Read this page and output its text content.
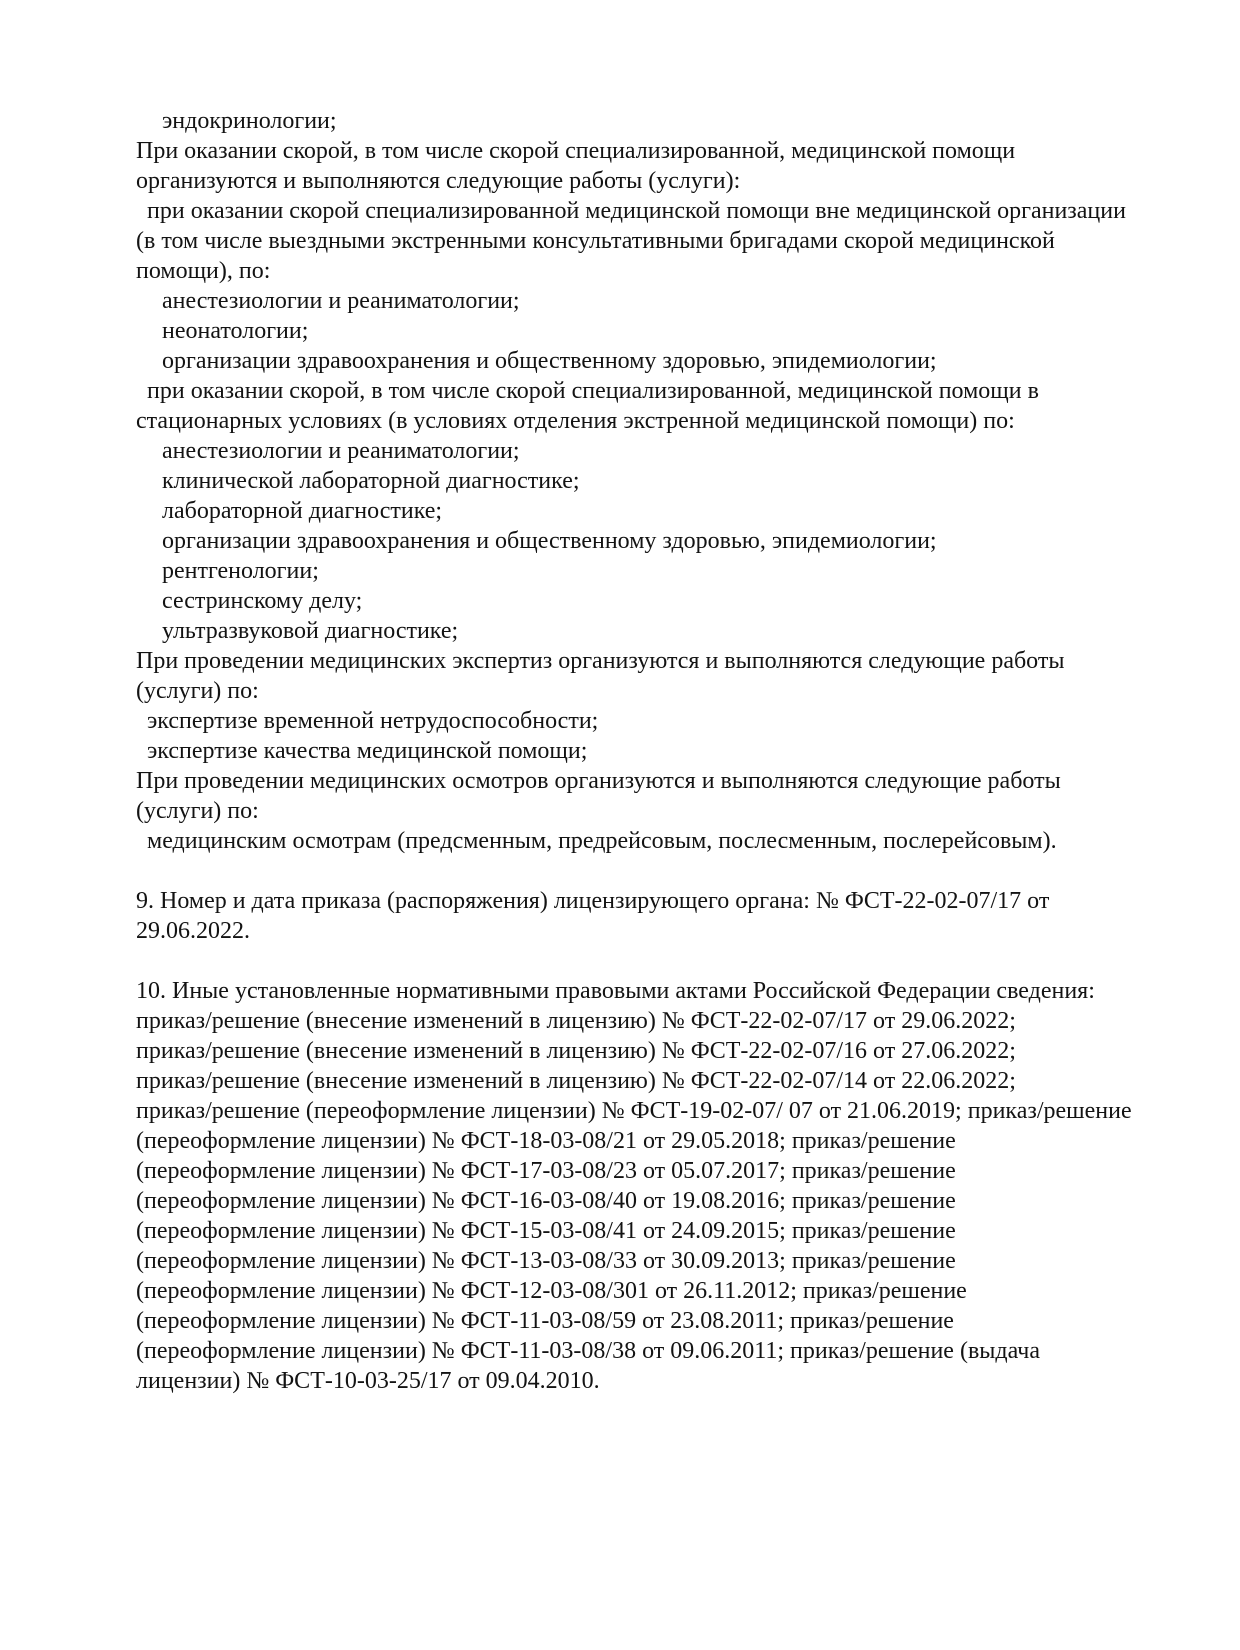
эндокринологии;
При оказании скорой, в том числе скорой специализированной, медицинской помощи
организуются и выполняются следующие работы (услуги):
при оказании скорой специализированной медицинской помощи вне медицинской организации
(в том числе выездными экстренными консультативными бригадами скорой медицинской
помощи), по:
анестезиологии и реаниматологии;
неонатологии;
организации здравоохранения и общественному здоровью, эпидемиологии;
при оказании скорой, в том числе скорой специализированной, медицинской помощи в
стационарных условиях (в условиях отделения экстренной медицинской помощи) по:
анестезиологии и реаниматологии;
клинической лабораторной диагностике;
лабораторной диагностике;
организации здравоохранения и общественному здоровью, эпидемиологии;
рентгенологии;
сестринскому делу;
ультразвуковой диагностике;
При проведении медицинских экспертиз организуются и выполняются следующие работы
(услуги) по:
экспертизе временной нетрудоспособности;
экспертизе качества медицинской помощи;
При проведении медицинских осмотров организуются и выполняются следующие работы
(услуги) по:
медицинским осмотрам (предсменным, предрейсовым, послесменным, послерейсовым).

9. Номер и дата приказа (распоряжения) лицензирующего органа: № ФСТ-22-02-07/17 от
29.06.2022.

10. Иные установленные нормативными правовыми актами Российской Федерации сведения:
приказ/решение (внесение изменений в лицензию) № ФСТ-22-02-07/17 от 29.06.2022;
приказ/решение (внесение изменений в лицензию) № ФСТ-22-02-07/16 от 27.06.2022;
приказ/решение (внесение изменений в лицензию) № ФСТ-22-02-07/14 от 22.06.2022;
приказ/решение (переоформление лицензии) № ФСТ-19-02-07/ 07 от 21.06.2019; приказ/решение
(переоформление лицензии) № ФСТ-18-03-08/21 от 29.05.2018; приказ/решение
(переоформление лицензии) № ФСТ-17-03-08/23 от 05.07.2017; приказ/решение
(переоформление лицензии) № ФСТ-16-03-08/40 от 19.08.2016; приказ/решение
(переоформление лицензии) № ФСТ-15-03-08/41 от 24.09.2015; приказ/решение
(переоформление лицензии) № ФСТ-13-03-08/33 от 30.09.2013; приказ/решение
(переоформление лицензии) № ФСТ-12-03-08/301 от 26.11.2012; приказ/решение
(переоформление лицензии) № ФСТ-11-03-08/59 от 23.08.2011; приказ/решение
(переоформление лицензии) № ФСТ-11-03-08/38 от 09.06.2011; приказ/решение (выдача
лицензии) № ФСТ-10-03-25/17 от 09.04.2010.
